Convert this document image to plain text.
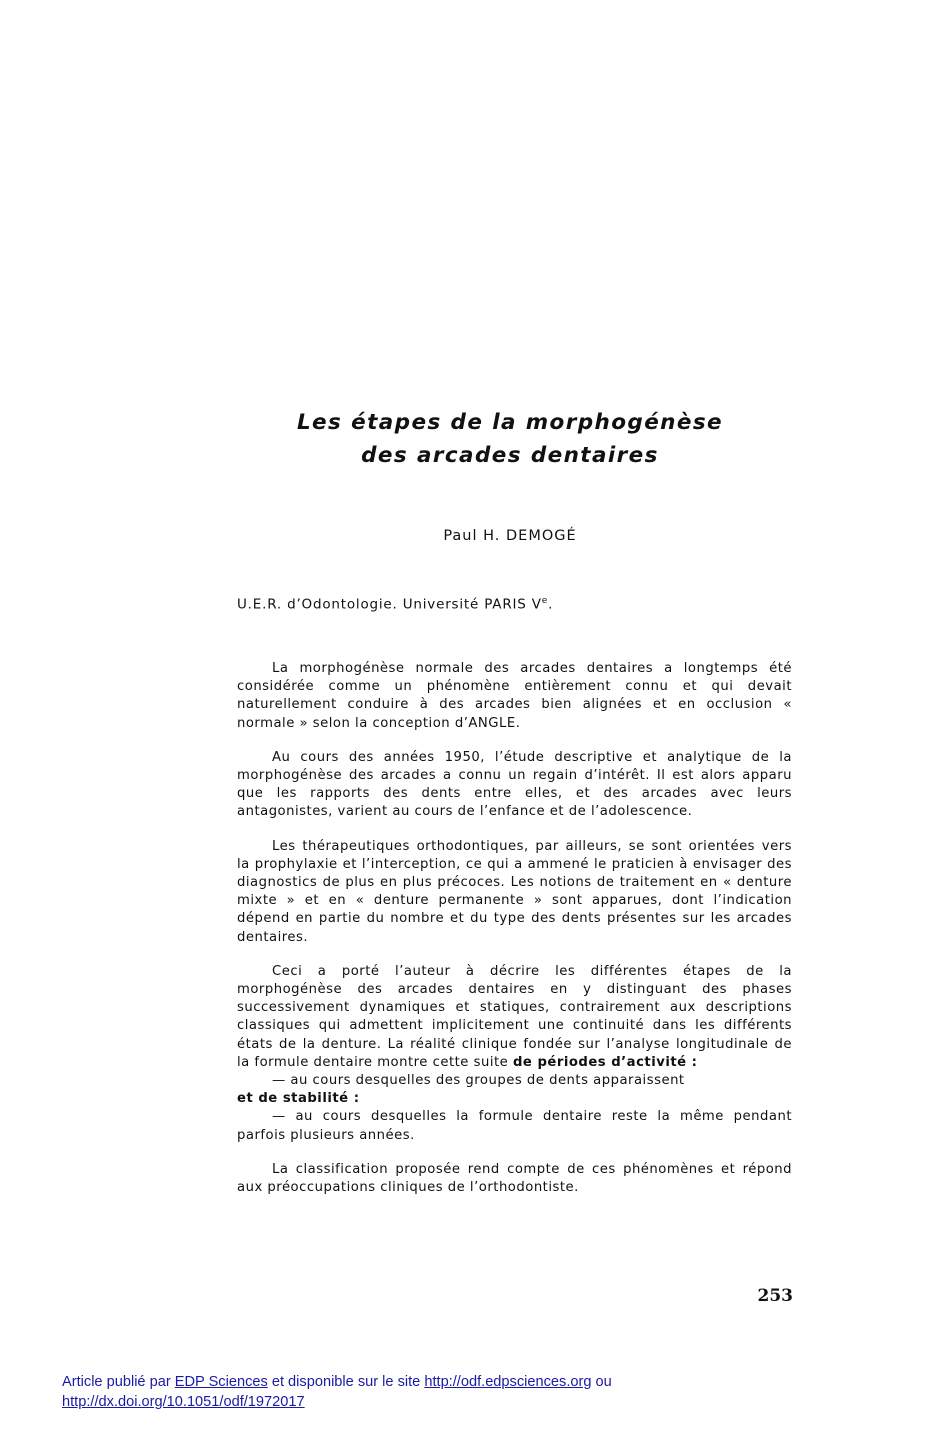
Les étapes de la morphogénèse
des arcades dentaires

Paul H. DEMOGÉ

U.E.R. d’Odontologie. Université PARIS Ve.

La morphogénèse normale des arcades dentaires a longtemps été considérée comme un phénomène entièrement connu et qui devait naturellement conduire à des arcades bien alignées et en occlusion « normale » selon la conception d’ANGLE.

Au cours des années 1950, l’étude descriptive et analytique de la morphogénèse des arcades a connu un regain d’intérêt. Il est alors apparu que les rapports des dents entre elles, et des arcades avec leurs antagonistes, varient au cours de l’enfance et de l’adolescence.

Les thérapeutiques orthodontiques, par ailleurs, se sont orientées vers la prophylaxie et l’interception, ce qui a ammené le praticien à envisager des diagnostics de plus en plus précoces. Les notions de traitement en « denture mixte » et en « denture permanente » sont apparues, dont l’indication dépend en partie du nombre et du type des dents présentes sur les arcades dentaires.

Ceci a porté l’auteur à décrire les différentes étapes de la morphogénèse des arcades dentaires en y distinguant des phases successivement dynamiques et statiques, contrairement aux descriptions classiques qui admettent implicitement une continuité dans les différents états de la denture. La réalité clinique fondée sur l’analyse longitudinale de la formule dentaire montre cette suite de périodes d’activité :

— au cours desquelles des groupes de dents apparaissent

et de stabilité :

— au cours desquelles la formule dentaire reste la même pendant parfois plusieurs années.

La classification proposée rend compte de ces phénomènes et répond aux préoccupations cliniques de l’orthodontiste.

253

Article publié par EDP Sciences et disponible sur le site http://odf.edpsciences.org ou
http://dx.doi.org/10.1051/odf/1972017
